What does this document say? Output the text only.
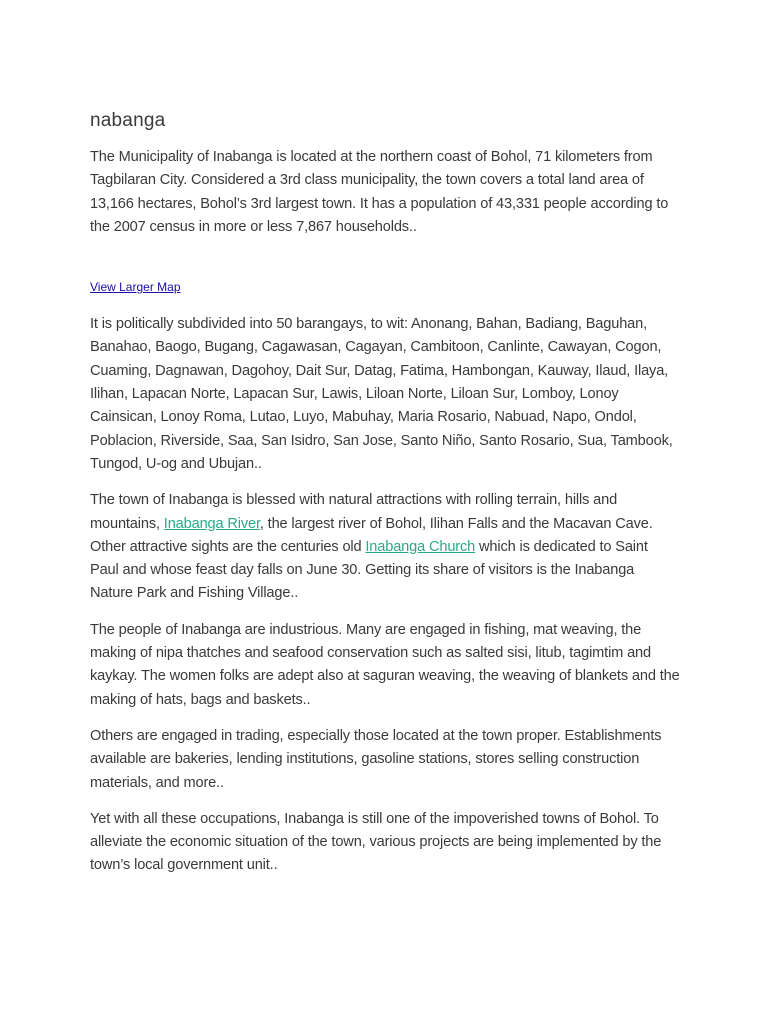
nabanga

The Municipality of Inabanga is located at the northern coast of Bohol, 71 kilometers from Tagbilaran City. Considered a 3rd class municipality, the town covers a total land area of 13,166 hectares, Bohol’s 3rd largest town. It has a population of 43,331 people according to the 2007 census in more or less 7,867 households..

View Larger Map

It is politically subdivided into 50 barangays, to wit: Anonang, Bahan, Badiang, Baguhan, Banahao, Baogo, Bugang, Cagawasan, Cagayan, Cambitoon, Canlinte, Cawayan, Cogon, Cuaming, Dagnawan, Dagohoy, Dait Sur, Datag, Fatima, Hambongan, Kauway, Ilaud, Ilaya, Ilihan, Lapacan Norte, Lapacan Sur, Lawis, Liloan Norte, Liloan Sur, Lomboy, Lonoy Cainsican, Lonoy Roma, Lutao, Luyo, Mabuhay, Maria Rosario, Nabuad, Napo, Ondol, Poblacion, Riverside, Saa, San Isidro, San Jose, Santo Niño, Santo Rosario, Sua, Tambook, Tungod, U-og and Ubujan..

The town of Inabanga is blessed with natural attractions with rolling terrain, hills and mountains, Inabanga River, the largest river of Bohol, Ilihan Falls and the Macavan Cave. Other attractive sights are the centuries old Inabanga Church which is dedicated to Saint Paul and whose feast day falls on June 30. Getting its share of visitors is the Inabanga Nature Park and Fishing Village..

The people of Inabanga are industrious. Many are engaged in fishing, mat weaving, the making of nipa thatches and seafood conservation such as salted sisi, litub, tagimtim and kaykay. The women folks are adept also at saguran weaving, the weaving of blankets and the making of hats, bags and baskets..

Others are engaged in trading, especially those located at the town proper. Establishments available are bakeries, lending institutions, gasoline stations, stores selling construction materials, and more..

Yet with all these occupations, Inabanga is still one of the impoverished towns of Bohol. To alleviate the economic situation of the town, various projects are being implemented by the town’s local government unit..
